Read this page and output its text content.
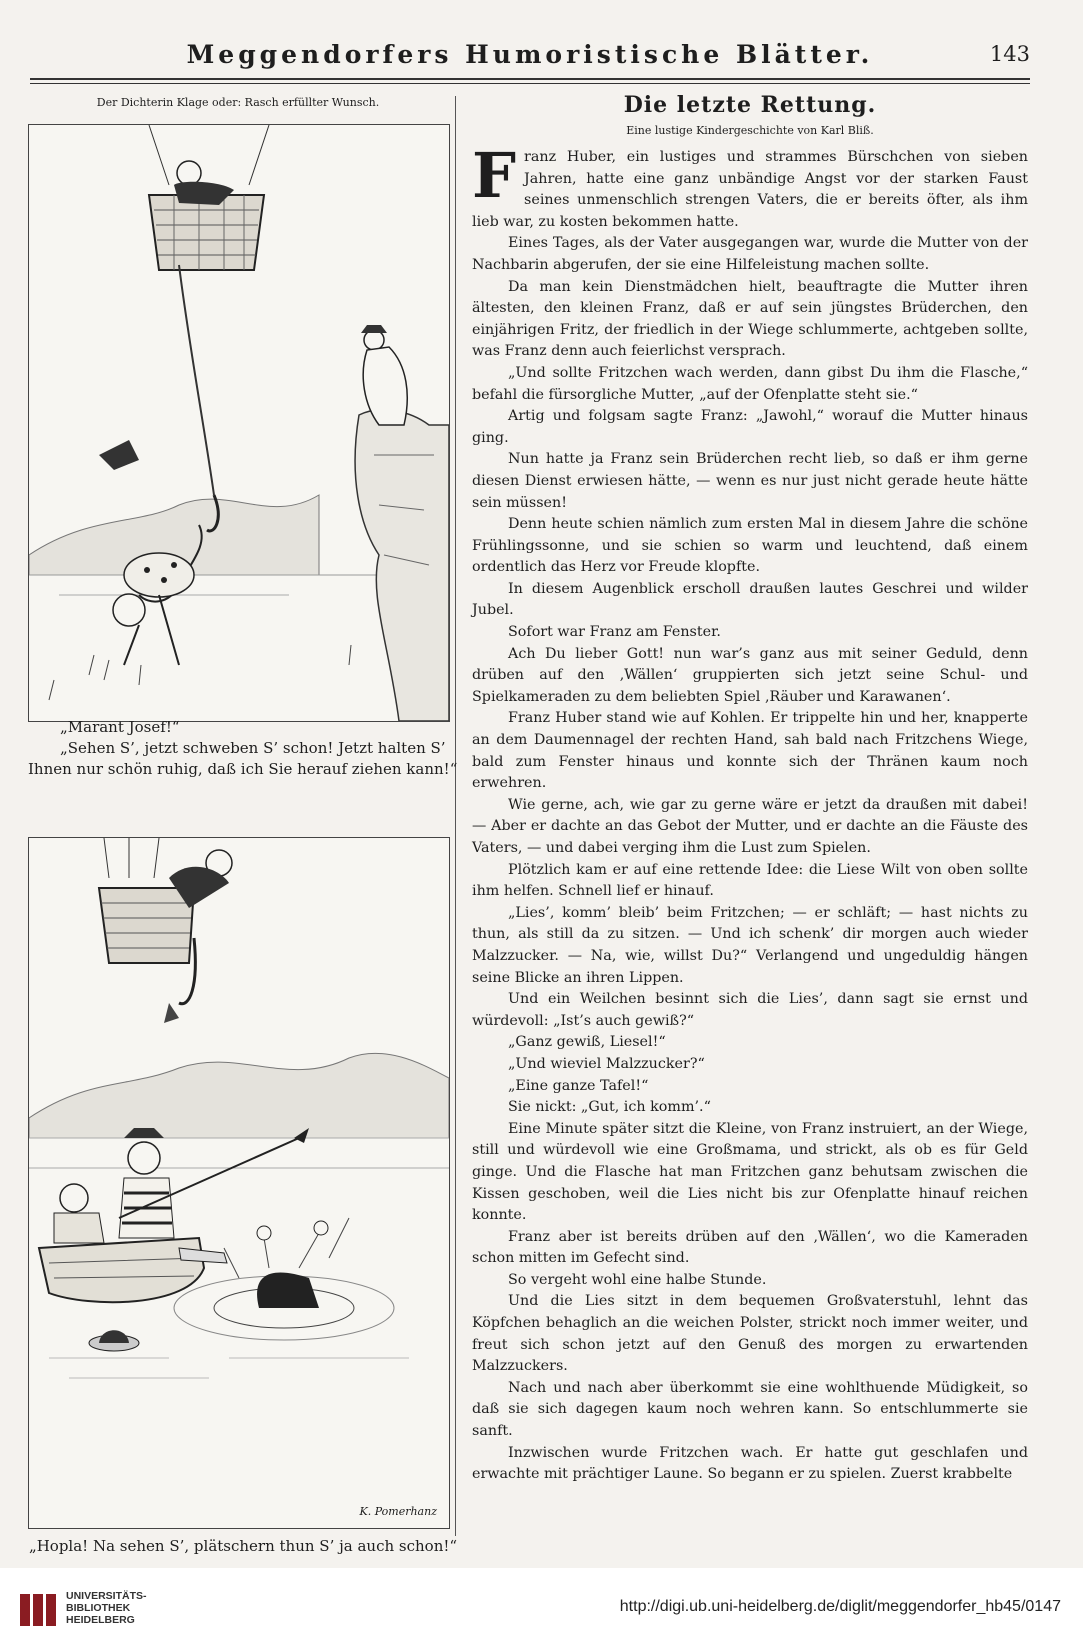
Meggendorfers Humoristische Blätter.	143
Der Dichterin Klage oder: Rasch erfüllter Wunsch.

„Marant Josef!“

„Sehen S’, jetzt schweben S’ schon! Jetzt halten S’ Ihnen nur schön ruhig, daß ich Sie herauf ziehen kann!“

K. Pomerhanz
„Hopla! Na sehen S’, plätschern thun S’ ja auch schon!“
Die letzte Rettung.
Eine lustige Kindergeschichte von Karl Bliß.

Franz Huber, ein lustiges und strammes Bürschchen von sieben Jahren, hatte eine ganz unbändige Angst vor der starken Faust seines unmenschlich strengen Vaters, die er bereits öfter, als ihm lieb war, zu kosten bekommen hatte.

Eines Tages, als der Vater ausgegangen war, wurde die Mutter von der Nachbarin abgerufen, der sie eine Hilfeleistung machen sollte.

Da man kein Dienstmädchen hielt, beauftragte die Mutter ihren ältesten, den kleinen Franz, daß er auf sein jüngstes Brüderchen, den einjährigen Fritz, der friedlich in der Wiege schlummerte, achtgeben sollte, was Franz denn auch feierlichst versprach.

„Und sollte Fritzchen wach werden, dann gibst Du ihm die Flasche,“ befahl die fürsorgliche Mutter, „auf der Ofenplatte steht sie.“

Artig und folgsam sagte Franz: „Jawohl,“ worauf die Mutter hinaus ging.

Nun hatte ja Franz sein Brüderchen recht lieb, so daß er ihm gerne diesen Dienst erwiesen hätte, — wenn es nur just nicht gerade heute hätte sein müssen!

Denn heute schien nämlich zum ersten Mal in diesem Jahre die schöne Frühlingssonne, und sie schien so warm und leuchtend, daß einem ordentlich das Herz vor Freude klopfte.

In diesem Augenblick erscholl draußen lautes Geschrei und wilder Jubel.

Sofort war Franz am Fenster.

Ach Du lieber Gott! nun war’s ganz aus mit seiner Geduld, denn drüben auf den ‚Wällen‘ gruppierten sich jetzt seine Schul- und Spielkameraden zu dem beliebten Spiel ‚Räuber und Karawanen‘.

Franz Huber stand wie auf Kohlen. Er trippelte hin und her, knapperte an dem Daumennagel der rechten Hand, sah bald nach Fritzchens Wiege, bald zum Fenster hinaus und konnte sich der Thränen kaum noch erwehren.

Wie gerne, ach, wie gar zu gerne wäre er jetzt da draußen mit dabei! — Aber er dachte an das Gebot der Mutter, und er dachte an die Fäuste des Vaters, — und dabei verging ihm die Lust zum Spielen.

Plötzlich kam er auf eine rettende Idee: die Liese Wilt von oben sollte ihm helfen. Schnell lief er hinauf.

„Lies’, komm’ bleib’ beim Fritzchen; — er schläft; — hast nichts zu thun, als still da zu sitzen. — Und ich schenk’ dir morgen auch wieder Malzzucker. — Na, wie, willst Du?“ Verlangend und ungeduldig hängen seine Blicke an ihren Lippen.

Und ein Weilchen besinnt sich die Lies’, dann sagt sie ernst und würdevoll: „Ist’s auch gewiß?“

„Ganz gewiß, Liesel!“

„Und wieviel Malzzucker?“

„Eine ganze Tafel!“

Sie nickt: „Gut, ich komm’.“

Eine Minute später sitzt die Kleine, von Franz instruiert, an der Wiege, still und würdevoll wie eine Großmama, und strickt, als ob es für Geld ginge. Und die Flasche hat man Fritzchen ganz behutsam zwischen die Kissen geschoben, weil die Lies nicht bis zur Ofenplatte hinauf reichen konnte.

Franz aber ist bereits drüben auf den ‚Wällen‘, wo die Kameraden schon mitten im Gefecht sind.

So vergeht wohl eine halbe Stunde.

Und die Lies sitzt in dem bequemen Großvaterstuhl, lehnt das Köpfchen behaglich an die weichen Polster, strickt noch immer weiter, und freut sich schon jetzt auf den Genuß des morgen zu erwartenden Malzzuckers.

Nach und nach aber überkommt sie eine wohlthuende Müdigkeit, so daß sie sich dagegen kaum noch wehren kann. So entschlummerte sie sanft.

Inzwischen wurde Fritzchen wach. Er hatte gut geschlafen und erwachte mit prächtiger Laune. So begann er zu spielen. Zuerst krabbelte

UNIVERSITÄTS-
BIBLIOTHEK
HEIDELBERG
http://digi.ub.uni-heidelberg.de/diglit/meggendorfer_hb45/0147
